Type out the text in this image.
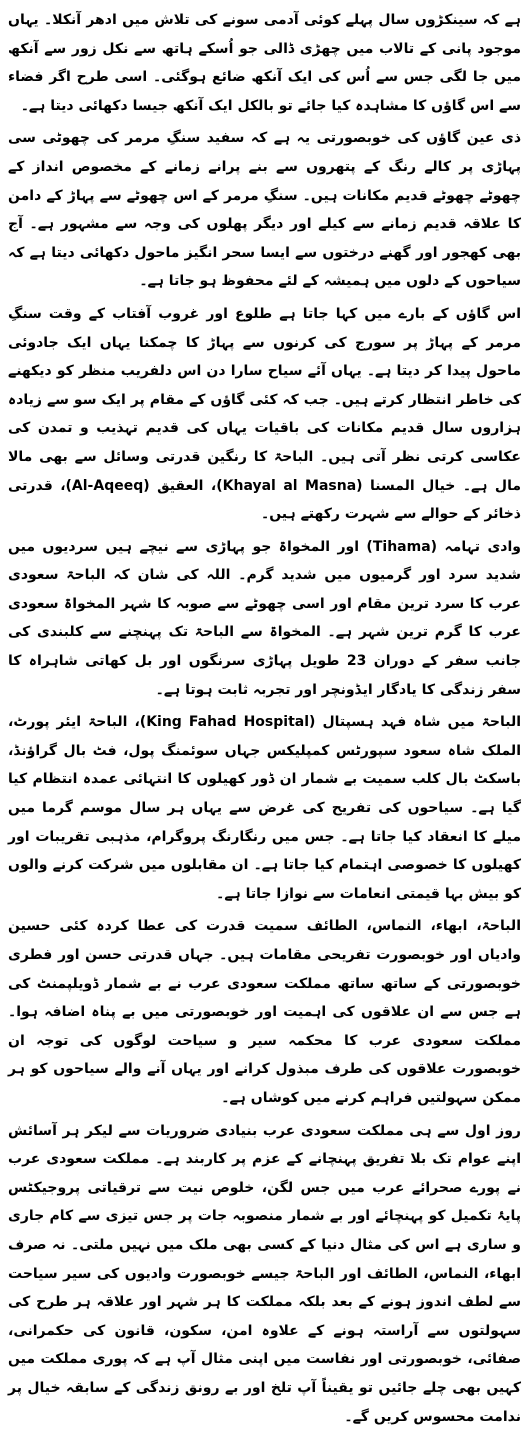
ہے کہ سینکڑوں سال پہلے کوئی آدمی سونے کی تلاش میں ادھر آنکلا۔ یہاں موجود پانی کے تالاب میں چھڑی ڈالی جو اُسکے ہاتھ سے نکل زور سے آنکھ میں جا لگی جس سے اُس کی ایک آنکھ ضائع ہوگئی۔ اسی طرح اگر فضاء سے اس گاؤں کا مشاہدہ کیا جائے تو بالکل ایک آنکھ جیسا دکھائی دیتا ہے۔

ذی عین گاؤں کی خوبصورتی یہ ہے کہ سفید سنگِ مرمر کی چھوٹی سی پہاڑی پر کالے رنگ کے پتھروں سے بنے پرانے زمانے کے مخصوص انداز کے چھوٹے چھوٹے قدیم مکانات ہیں۔ سنگِ مرمر کے اس چھوٹے سے پہاڑ کے دامن کا علاقہ قدیم زمانے سے کیلے اور دیگر پھلوں کی وجہ سے مشہور ہے۔ آج بھی کھجور اور گھنے درختوں سے ایسا سحر انگیز ماحول دکھائی دیتا ہے کہ سیاحوں کے دلوں میں ہمیشہ کے لئے محفوظ ہو جاتا ہے۔

اس گاؤں کے بارے میں کہا جاتا ہے طلوع اور غروب آفتاب کے وقت سنگِ مرمر کے پہاڑ پر سورج کی کرنوں سے پہاڑ کا چمکنا یہاں ایک جادوئی ماحول پیدا کر دیتا ہے۔ یہاں آئے سیاح سارا دن اس دلفریب منظر کو دیکھنے کی خاطر انتظار کرتے ہیں۔ جب کہ کئی گاؤں کے مقام پر ایک سو سے زیادہ ہزاروں سال قدیم مکانات کی باقیات یہاں کی قدیم تہذیب و تمدن کی عکاسی کرتی نظر آتی ہیں۔ الباحۃ کا رنگین قدرتی وسائل سے بھی مالا مال ہے۔ خیال المسنا (Khayal al Masna)، العقیق (Al-Aqeeq)، قدرتی ذخائر کے حوالے سے شہرت رکھتے ہیں۔

وادی تہامہ (Tihama) اور المخواۃ جو پہاڑی سے نیچے ہیں سردیوں میں شدید سرد اور گرمیوں میں شدید گرم۔ اللہ کی شان کہ الباحۃ سعودی عرب کا سرد ترین مقام اور اسی چھوٹے سے صوبہ کا شہر المخواۃ سعودی عرب کا گرم ترین شہر ہے۔ المخواۃ سے الباحۃ تک پہنچنے سے کلبندی کی جانب سفر کے دوران 23 طویل پہاڑی سرنگوں اور بل کھاتی شاہراہ کا سفر زندگی کا یادگار ایڈونچر اور تجربہ ثابت ہوتا ہے۔

الباحۃ میں شاہ فہد ہسپتال (King Fahad Hospital)، الباحۃ ایئر پورٹ، الملک شاہ سعود سپورٹس کمپلیکس جہاں سوئمنگ پول، فٹ بال گراؤنڈ، باسکٹ بال کلب سمیت بے شمار ان ڈور کھیلوں کا انتہائی عمدہ انتظام کیا گیا ہے۔ سیاحوں کی تفریح کی غرض سے یہاں ہر سال موسم گرما میں میلے کا انعقاد کیا جاتا ہے۔ جس میں رنگارنگ پروگرام، مذہبی تقریبات اور کھیلوں کا خصوصی اہتمام کیا جاتا ہے۔ ان مقابلوں میں شرکت کرنے والوں کو بیش بہا قیمتی انعامات سے نوازا جاتا ہے۔

الباحۃ، ابھاء، النماس، الطائف سمیت قدرت کی عطا کردہ کئی حسین وادیاں اور خوبصورت تفریحی مقامات ہیں۔ جہاں قدرتی حسن اور فطری خوبصورتی کے ساتھ ساتھ مملکت سعودی عرب نے بے شمار ڈویلپمنٹ کی ہے جس سے ان علاقوں کی اہمیت اور خوبصورتی میں بے پناہ اضافہ ہوا۔ مملکت سعودی عرب کا محکمہ سیر و سیاحت لوگوں کی توجہ ان خوبصورت علاقوں کی طرف مبذول کرانے اور یہاں آنے والے سیاحوں کو ہر ممکن سہولتیں فراہم کرنے میں کوشاں ہے۔

روز اول سے ہی مملکت سعودی عرب بنیادی ضروریات سے لیکر ہر آسائش اپنے عوام تک بلا تفریق پہنچانے کے عزم پر کاربند ہے۔ مملکت سعودی عرب نے پورے صحرائے عرب میں جس لگن، خلوص نیت سے ترقیاتی پروجیکٹس پایۂ تکمیل کو پہنچائے اور بے شمار منصوبہ جات پر جس تیزی سے کام جاری و ساری ہے اس کی مثال دنیا کے کسی بھی ملک میں نہیں ملتی۔ نہ صرف ابھاء، النماس، الطائف اور الباحۃ جیسے خوبصورت وادیوں کی سیر سیاحت سے لطف اندوز ہونے کے بعد بلکہ مملکت کا ہر شہر اور علاقہ ہر طرح کی سہولتوں سے آراستہ ہونے کے علاوہ امن، سکون، قانون کی حکمرانی، صفائی، خوبصورتی اور نفاست میں اپنی مثال آپ ہے کہ پوری مملکت میں کہیں بھی چلے جائیں تو یقیناً آپ تلخ اور بے رونق زندگی کے سابقہ خیال پر ندامت محسوس کریں گے۔
